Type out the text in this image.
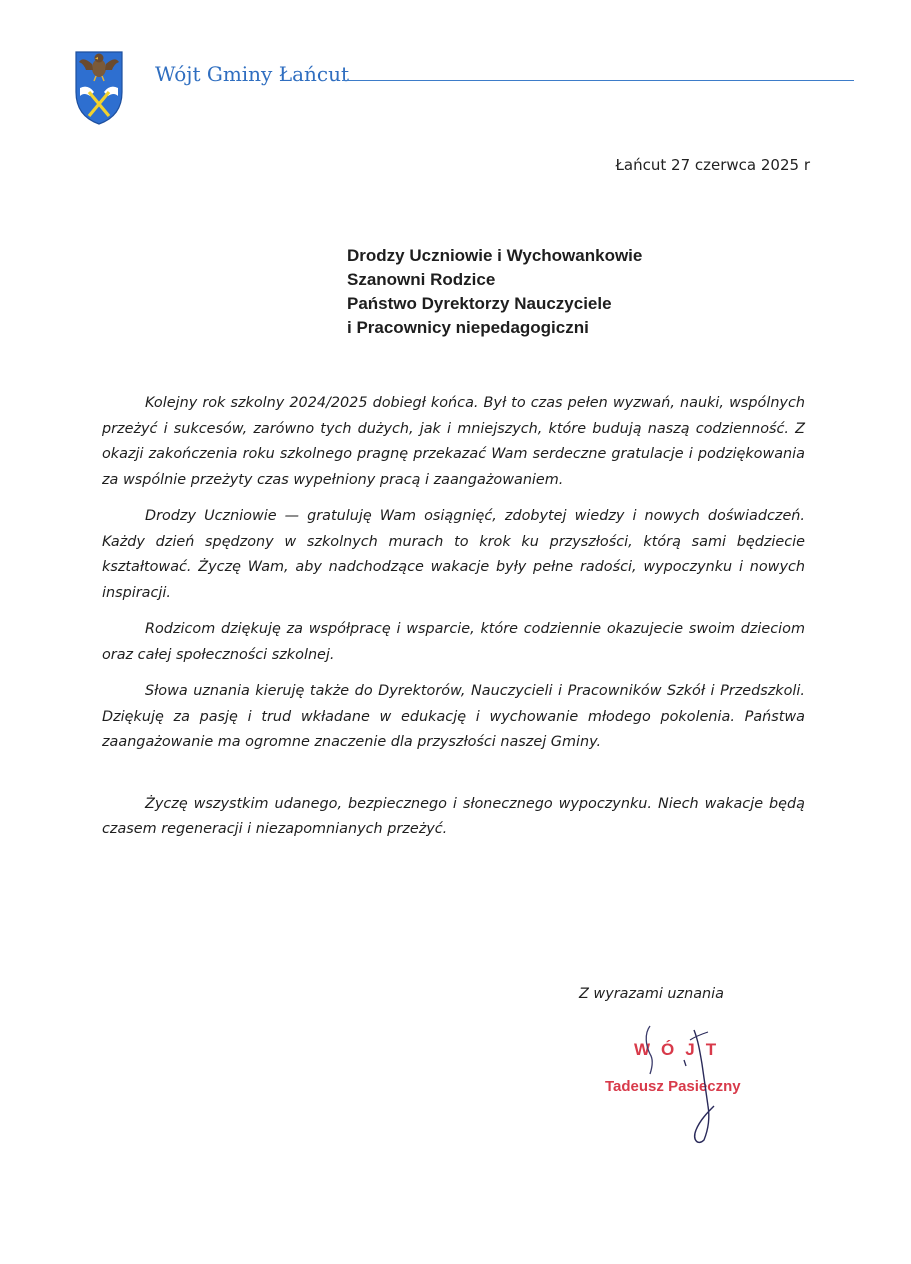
Wójt Gminy Łańcut
Łańcut 27 czerwca 2025 r
Drodzy Uczniowie i Wychowankowie
Szanowni Rodzice
Państwo Dyrektorzy Nauczyciele
i Pracownicy niepedagogiczni

Kolejny rok szkolny 2024/2025 dobiegł końca. Był to czas pełen wyzwań, nauki, wspólnych przeżyć i sukcesów, zarówno tych dużych, jak i mniejszych, które budują naszą codzienność. Z okazji zakończenia roku szkolnego pragnę przekazać Wam serdeczne gratulacje i podziękowania za wspólnie przeżyty czas wypełniony pracą i zaangażowaniem.

Drodzy Uczniowie — gratuluję Wam osiągnięć, zdobytej wiedzy i nowych doświadczeń. Każdy dzień spędzony w szkolnych murach to krok ku przyszłości, którą sami będziecie kształtować. Życzę Wam, aby nadchodzące wakacje były pełne radości, wypoczynku i nowych inspiracji.

Rodzicom dziękuję za współpracę i wsparcie, które codziennie okazujecie swoim dzieciom oraz całej społeczności szkolnej.

Słowa uznania kieruję także do Dyrektorów, Nauczycieli i Pracowników Szkół i Przedszkoli. Dziękuję za pasję i trud wkładane w edukację i wychowanie młodego pokolenia. Państwa zaangażowanie ma ogromne znaczenie dla przyszłości naszej Gminy.

Życzę wszystkim udanego, bezpiecznego i słonecznego wypoczynku. Niech wakacje będą czasem regeneracji i niezapomnianych przeżyć.

Z wyrazami uznania
WÓJT
Tadeusz Pasieczny
